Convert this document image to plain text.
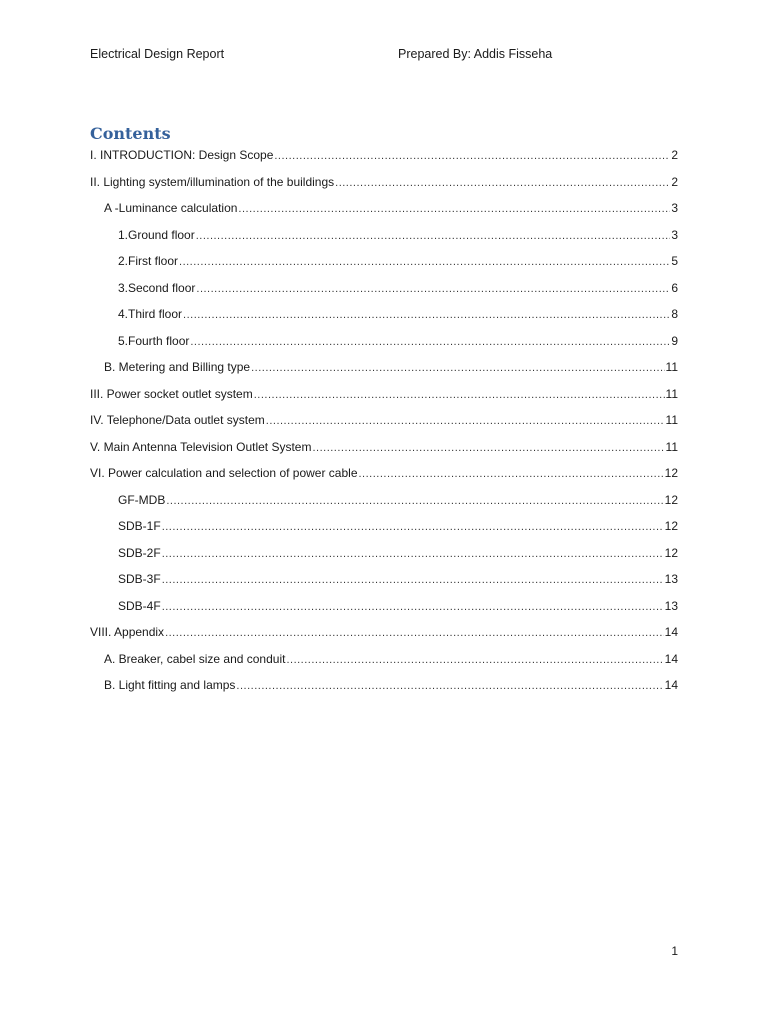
Electrical Design Report	Prepared By: Addis Fisseha
Contents
I. INTRODUCTION: Design Scope .....	2
II. Lighting system/illumination of the buildings .....	2
A -Luminance calculation .....	3
1.Ground floor .....	3
2.First floor .....	5
3.Second floor .....	6
4.Third floor .....	8
5.Fourth floor .....	9
B. Metering and Billing type .....	11
III. Power socket outlet system .....	11
IV. Telephone/Data outlet system .....	11
V. Main Antenna Television Outlet System .....	11
VI. Power calculation and selection of power cable .....	12
GF-MDB .....	12
SDB-1F .....	12
SDB-2F .....	12
SDB-3F .....	13
SDB-4F .....	13
VIII. Appendix .....	14
A. Breaker, cabel size and conduit .....	14
B. Light fitting and lamps .....	14
1
